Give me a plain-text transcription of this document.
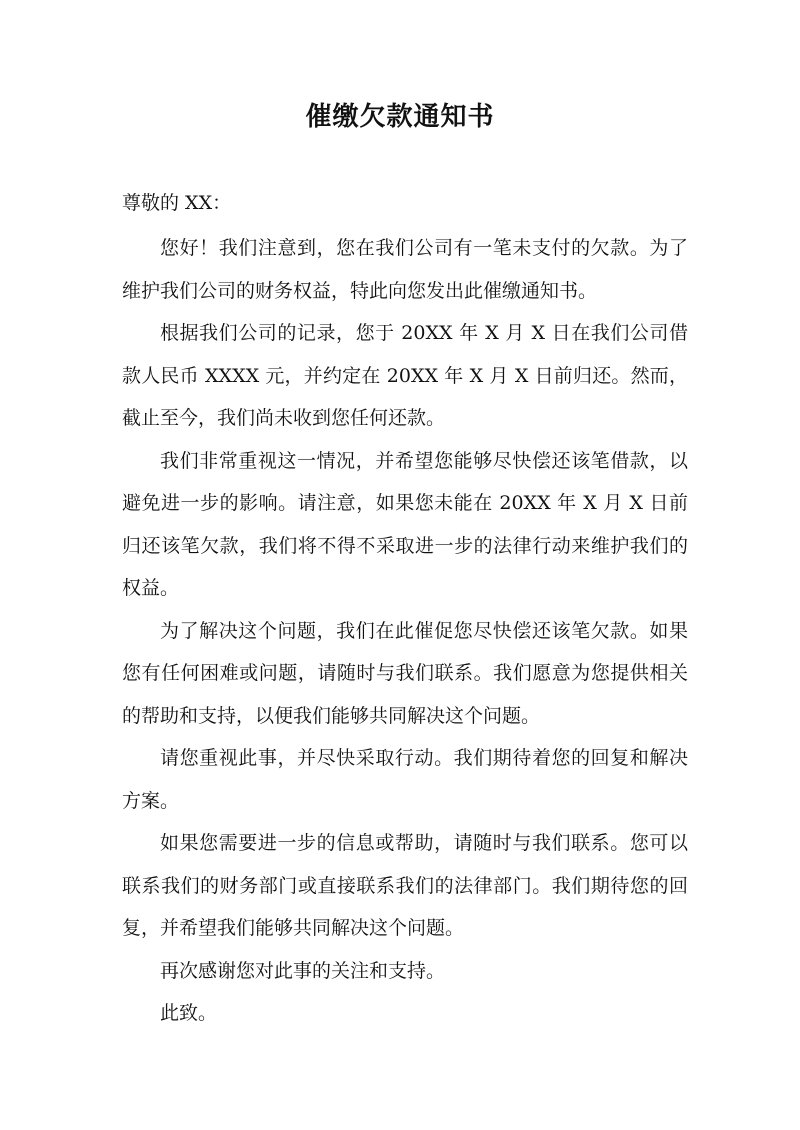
催缴欠款通知书
尊敬的 XX：

您好！我们注意到，您在我们公司有一笔未支付的欠款。为了维护我们公司的财务权益，特此向您发出此催缴通知书。

根据我们公司的记录，您于 20XX 年 X 月 X 日在我们公司借款人民币 XXXX 元，并约定在 20XX 年 X 月 X 日前归还。然而，截止至今，我们尚未收到您任何还款。

我们非常重视这一情况，并希望您能够尽快偿还该笔借款，以避免进一步的影响。请注意，如果您未能在 20XX 年 X 月 X 日前归还该笔欠款，我们将不得不采取进一步的法律行动来维护我们的权益。

为了解决这个问题，我们在此催促您尽快偿还该笔欠款。如果您有任何困难或问题，请随时与我们联系。我们愿意为您提供相关的帮助和支持，以便我们能够共同解决这个问题。

请您重视此事，并尽快采取行动。我们期待着您的回复和解决方案。

如果您需要进一步的信息或帮助，请随时与我们联系。您可以联系我们的财务部门或直接联系我们的法律部门。我们期待您的回复，并希望我们能够共同解决这个问题。

再次感谢您对此事的关注和支持。

此致。
